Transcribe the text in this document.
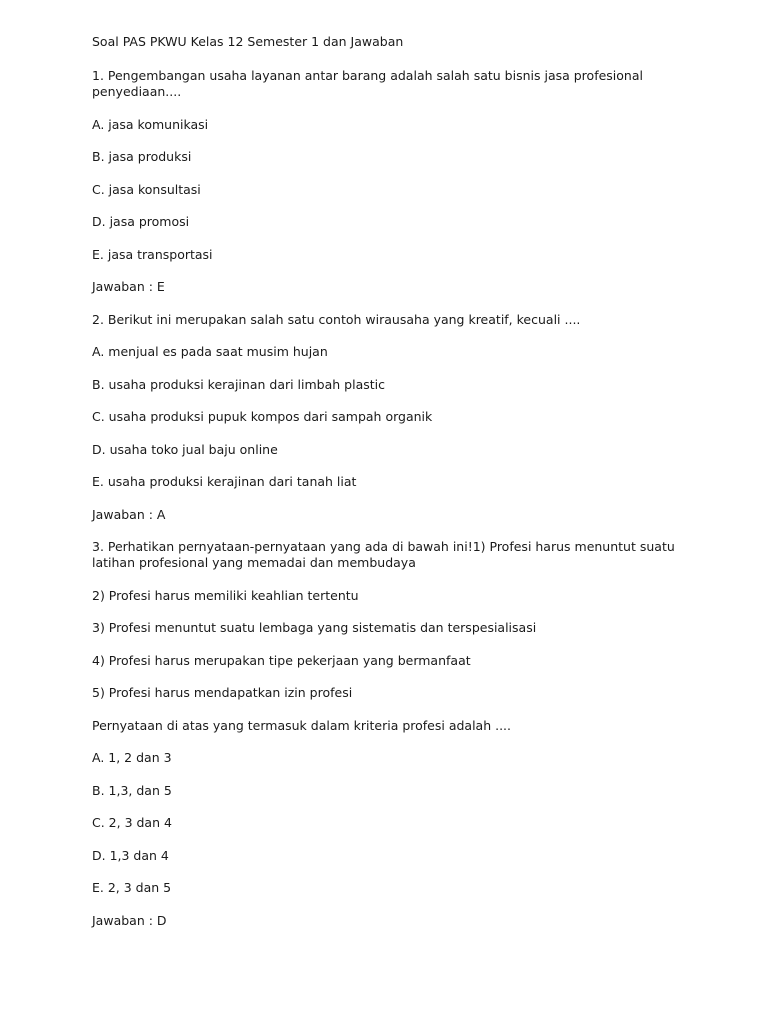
Soal PAS PKWU Kelas 12 Semester 1 dan Jawaban
1. Pengembangan usaha layanan antar barang adalah salah satu bisnis jasa profesional penyediaan....
A. jasa komunikasi
B. jasa produksi
C. jasa konsultasi
D. jasa promosi
E. jasa transportasi
Jawaban : E
2. Berikut ini merupakan salah satu contoh wirausaha yang kreatif, kecuali ....
A. menjual es pada saat musim hujan
B. usaha produksi kerajinan dari limbah plastic
C. usaha produksi pupuk kompos dari sampah organik
D. usaha toko jual baju online
E. usaha produksi kerajinan dari tanah liat
Jawaban : A
3. Perhatikan pernyataan-pernyataan yang ada di bawah ini!1) Profesi harus menuntut suatu latihan profesional yang memadai dan membudaya
2) Profesi harus memiliki keahlian tertentu
3) Profesi menuntut suatu lembaga yang sistematis dan terspesialisasi
4) Profesi harus merupakan tipe pekerjaan yang bermanfaat
5) Profesi harus mendapatkan izin profesi
Pernyataan di atas yang termasuk dalam kriteria profesi adalah ....
A. 1, 2 dan 3
B. 1,3, dan 5
C. 2, 3 dan 4
D. 1,3 dan 4
E. 2, 3 dan 5
Jawaban : D
